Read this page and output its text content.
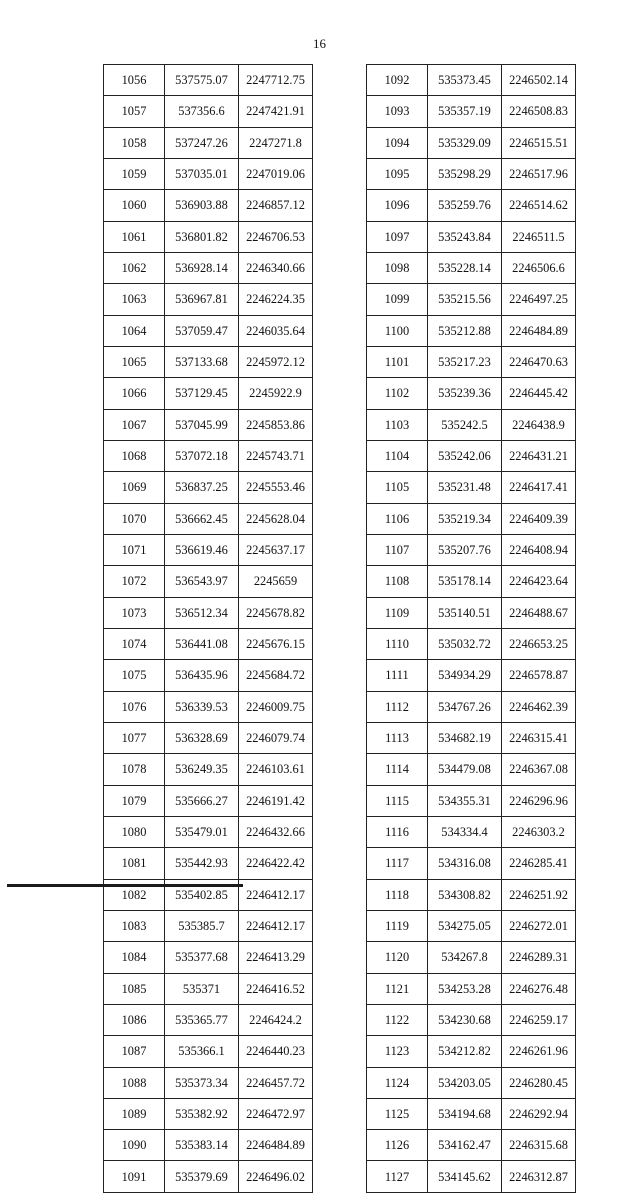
16
1056	537575.07	2247712.75
1057	537356.6	2247421.91
1058	537247.26	2247271.8
1059	537035.01	2247019.06
1060	536903.88	2246857.12
1061	536801.82	2246706.53
1062	536928.14	2246340.66
1063	536967.81	2246224.35
1064	537059.47	2246035.64
1065	537133.68	2245972.12
1066	537129.45	2245922.9
1067	537045.99	2245853.86
1068	537072.18	2245743.71
1069	536837.25	2245553.46
1070	536662.45	2245628.04
1071	536619.46	2245637.17
1072	536543.97	2245659
1073	536512.34	2245678.82
1074	536441.08	2245676.15
1075	536435.96	2245684.72
1076	536339.53	2246009.75
1077	536328.69	2246079.74
1078	536249.35	2246103.61
1079	535666.27	2246191.42
1080	535479.01	2246432.66
1081	535442.93	2246422.42
1082	535402.85	2246412.17
1083	535385.7	2246412.17
1084	535377.68	2246413.29
1085	535371	2246416.52
1086	535365.77	2246424.2
1087	535366.1	2246440.23
1088	535373.34	2246457.72
1089	535382.92	2246472.97
1090	535383.14	2246484.89
1091	535379.69	2246496.02
1092	535373.45	2246502.14
1093	535357.19	2246508.83
1094	535329.09	2246515.51
1095	535298.29	2246517.96
1096	535259.76	2246514.62
1097	535243.84	2246511.5
1098	535228.14	2246506.6
1099	535215.56	2246497.25
1100	535212.88	2246484.89
1101	535217.23	2246470.63
1102	535239.36	2246445.42
1103	535242.5	2246438.9
1104	535242.06	2246431.21
1105	535231.48	2246417.41
1106	535219.34	2246409.39
1107	535207.76	2246408.94
1108	535178.14	2246423.64
1109	535140.51	2246488.67
1110	535032.72	2246653.25
1111	534934.29	2246578.87
1112	534767.26	2246462.39
1113	534682.19	2246315.41
1114	534479.08	2246367.08
1115	534355.31	2246296.96
1116	534334.4	2246303.2
1117	534316.08	2246285.41
1118	534308.82	2246251.92
1119	534275.05	2246272.01
1120	534267.8	2246289.31
1121	534253.28	2246276.48
1122	534230.68	2246259.17
1123	534212.82	2246261.96
1124	534203.05	2246280.45
1125	534194.68	2246292.94
1126	534162.47	2246315.68
1127	534145.62	2246312.87
